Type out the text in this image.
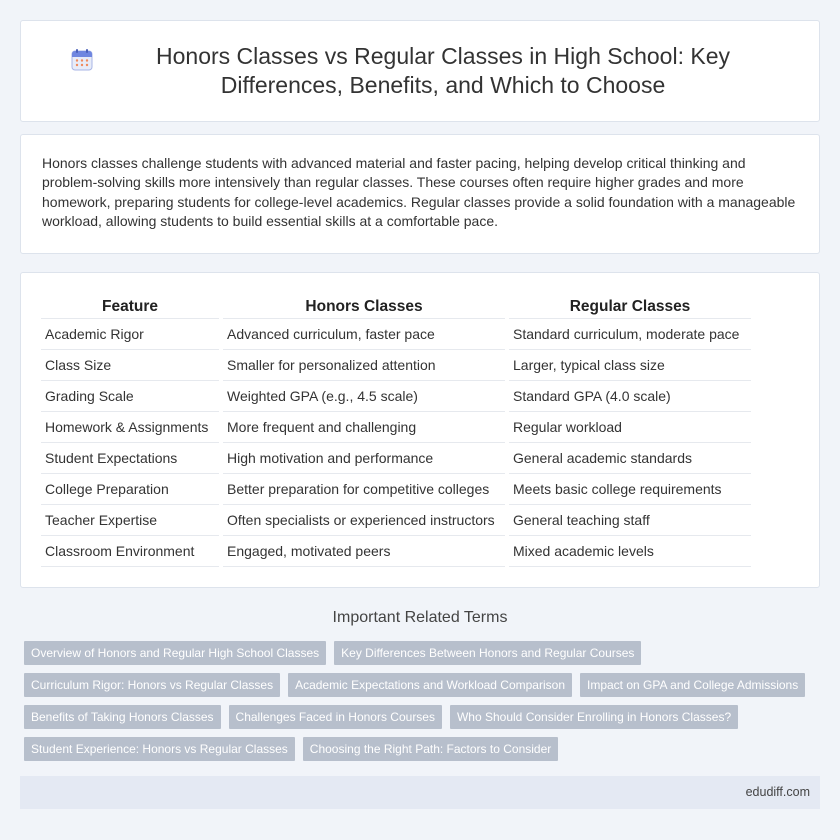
Honors Classes vs Regular Classes in High School: Key Differences, Benefits, and Which to Choose

Honors classes challenge students with advanced material and faster pacing, helping develop critical thinking and problem-solving skills more intensively than regular classes. These courses often require higher grades and more homework, preparing students for college-level academics. Regular classes provide a solid foundation with a manageable workload, allowing students to build essential skills at a comfortable pace.

Feature	Honors Classes	Regular Classes
Academic Rigor	Advanced curriculum, faster pace	Standard curriculum, moderate pace
Class Size	Smaller for personalized attention	Larger, typical class size
Grading Scale	Weighted GPA (e.g., 4.5 scale)	Standard GPA (4.0 scale)
Homework & Assignments	More frequent and challenging	Regular workload
Student Expectations	High motivation and performance	General academic standards
College Preparation	Better preparation for competitive colleges	Meets basic college requirements
Teacher Expertise	Often specialists or experienced instructors	General teaching staff
Classroom Environment	Engaged, motivated peers	Mixed academic levels
Important Related Terms
Overview of Honors and Regular High School Classes	Key Differences Between Honors and Regular Courses
Curriculum Rigor: Honors vs Regular Classes	Academic Expectations and Workload Comparison	Impact on GPA and College Admissions
Benefits of Taking Honors Classes	Challenges Faced in Honors Courses	Who Should Consider Enrolling in Honors Classes?
Student Experience: Honors vs Regular Classes	Choosing the Right Path: Factors to Consider
edudiff.com
